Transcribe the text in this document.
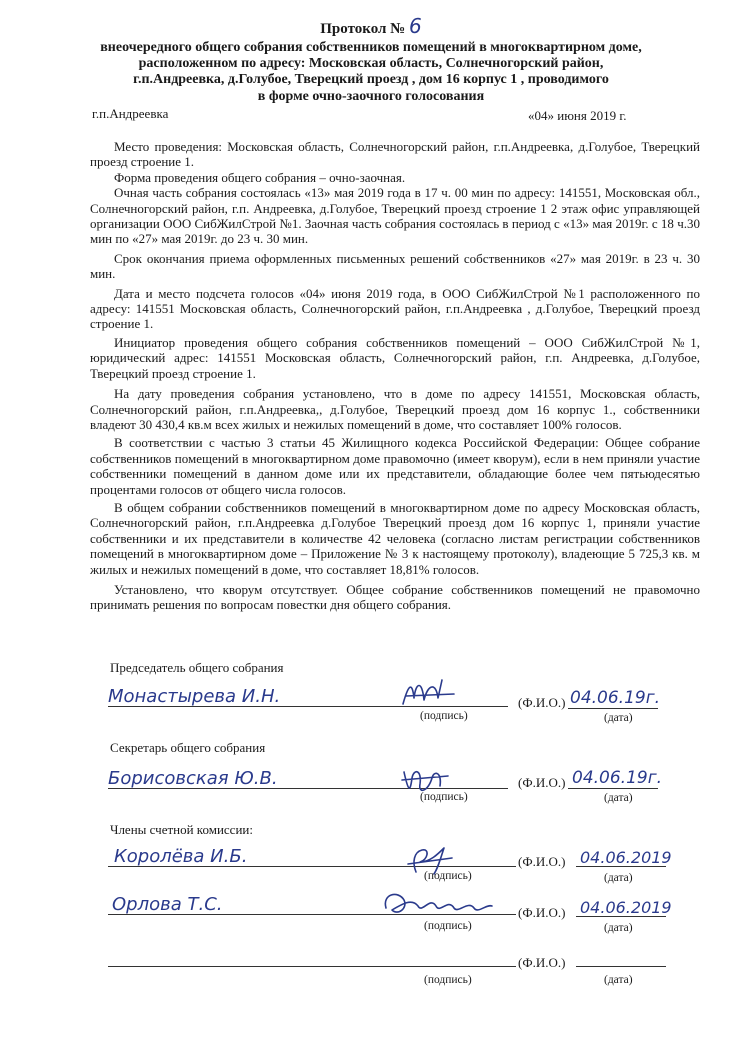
Протокол № 6
внеочередного общего собрания собственников помещений в многоквартирном доме,
расположенном по адресу: Московская область, Солнечногорский район,
г.п.Андреевка, д.Голубое, Тверецкий проезд , дом 16 корпус 1 , проводимого
в форме очно-заочного голосования
г.п.Андреевка	«04» июня 2019 г.

Место проведения: Московская область, Солнечногорский район, г.п.Андреевка, д.Голубое, Тверецкий проезд строение 1.

Форма проведения общего собрания – очно-заочная.

Очная часть собрания состоялась «13» мая 2019 года в 17 ч. 00 мин по адресу: 141551, Московская обл., Солнечногорский район, г.п. Андреевка, д.Голубое, Тверецкий проезд строение 1 2 этаж офис управляющей организации ООО СибЖилСтрой №1. Заочная часть собрания состоялась в период с «13» мая 2019г. с 18 ч.30 мин по «27» мая 2019г. до 23 ч. 30 мин.

Срок окончания приема оформленных письменных решений собственников «27» мая 2019г. в 23 ч. 30 мин.

Дата и место подсчета голосов «04» июня 2019 года, в ООО СибЖилСтрой №1 расположенного по адресу: 141551 Московская область, Солнечногорский район, г.п.Андреевка , д.Голубое, Тверецкий проезд строение 1.

Инициатор проведения общего собрания собственников помещений – ООО СибЖилСтрой №1, юридический адрес: 141551 Московская область, Солнечногорский район, г.п. Андреевка, д.Голубое, Тверецкий проезд строение 1.

На дату проведения собрания установлено, что в доме по адресу 141551, Московская область, Солнечногорский район, г.п.Андреевка,, д.Голубое, Тверецкий проезд дом 16 корпус 1., собственники владеют 30 430,4 кв.м всех жилых и нежилых помещений в доме, что составляет 100% голосов.

В соответствии с частью 3 статьи 45 Жилищного кодекса Российской Федерации: Общее собрание собственников помещений в многоквартирном доме правомочно (имеет кворум), если в нем приняли участие собственники помещений в данном доме или их представители, обладающие более чем пятьюдесятью процентами голосов от общего числа голосов.

В общем собрании собственников помещений в многоквартирном доме по адресу Московская область, Солнечногорский район, г.п.Андреевка д.Голубое Тверецкий проезд дом 16 корпус 1, приняли участие собственники и их представители в количестве 42 человека (согласно листам регистрации собственников помещений в многоквартирном доме – Приложение № 3 к настоящему протоколу), владеющие 5 725,3 кв. м жилых и нежилых помещений в доме, что составляет 18,81% голосов.

Установлено, что кворум отсутствует. Общее собрание собственников помещений не правомочно принимать решения по вопросам повестки дня общего собрания.

Председатель общего собрания
Монастырева И.Н.
(подпись)
(Ф.И.О.) 04.06.19г.
(дата)
Секретарь общего собрания
Борисовская Ю.В.
(подпись)
(Ф.И.О.) 04.06.19г.
(дата)
Члены счетной комиссии:
Королёва И.Б.
(подпись)
(Ф.И.О.) 04.06.2019
(дата)
Орлова Т.С.
(подпись)
(Ф.И.О.) 04.06.2019
(дата)
(подпись)
(Ф.И.О.)
(дата)
